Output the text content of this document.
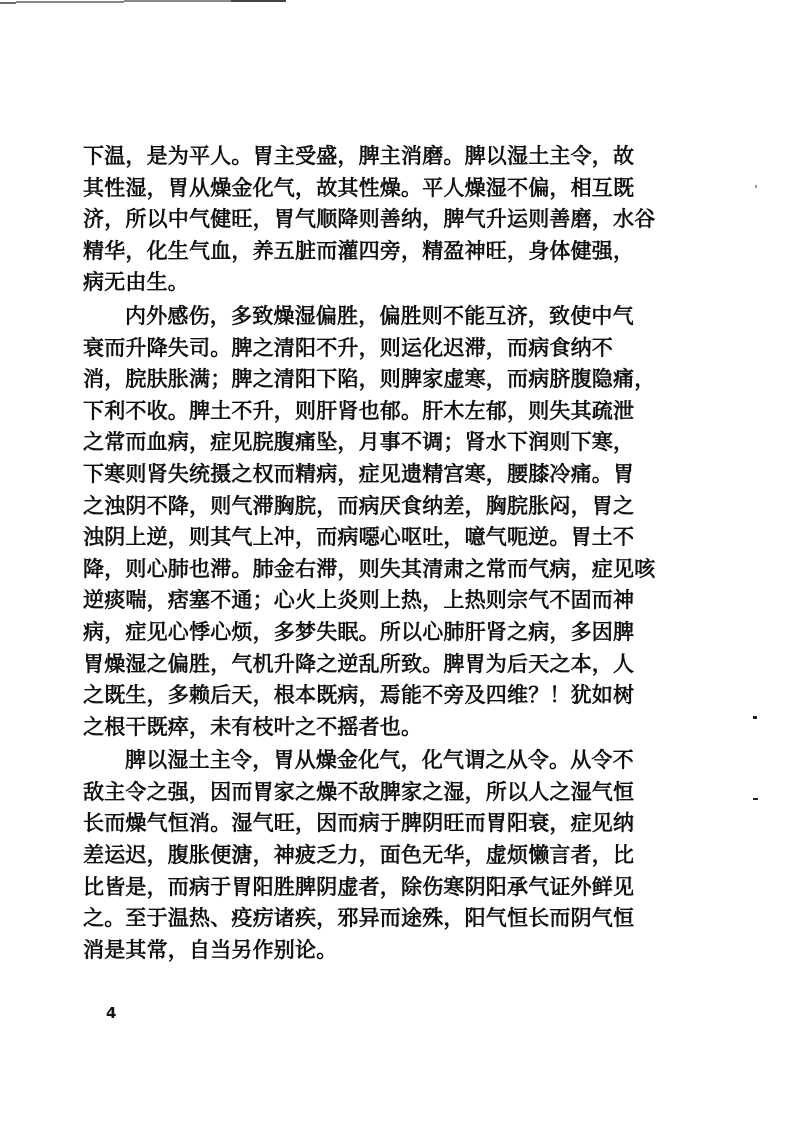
下温，是为平人。胃主受盛，脾主消磨。脾以湿土主令，故
其性湿，胃从燥金化气，故其性燥。平人燥湿不偏，相互既
济，所以中气健旺，胃气顺降则善纳，脾气升运则善磨，水谷
精华，化生气血，养五脏而灌四旁，精盈神旺，身体健强，
病无由生。
内外感伤，多致燥湿偏胜，偏胜则不能互济，致使中气
衰而升降失司。脾之清阳不升，则运化迟滞，而病食纳不
消，脘肤胀满；脾之清阳下陷，则脾家虚寒，而病脐腹隐痛，
下利不收。脾土不升，则肝肾也郁。肝木左郁，则失其疏泄
之常而血病，症见脘腹痛坠，月事不调；肾水下润则下寒，
下寒则肾失统摄之权而精病，症见遗精宫寒，腰膝冷痛。胃
之浊阴不降，则气滞胸脘，而病厌食纳差，胸脘胀闷，胃之
浊阴上逆，则其气上冲，而病噁心呕吐，噫气呃逆。胃土不
降，则心肺也滞。肺金右滞，则失其清肃之常而气病，症见咳
逆痰喘，痞塞不通；心火上炎则上热，上热则宗气不固而神
病，症见心悸心烦，多梦失眠。所以心肺肝肾之病，多因脾
胃燥湿之偏胜，气机升降之逆乱所致。脾胃为后天之本，人
之既生，多赖后天，根本既病，焉能不旁及四维？！犹如树
之根干既瘁，未有枝叶之不摇者也。
脾以湿土主令，胃从燥金化气，化气谓之从令。从令不
敌主令之强，因而胃家之燥不敌脾家之湿，所以人之湿气恒
长而燥气恒消。湿气旺，因而病于脾阴旺而胃阳衰，症见纳
差运迟，腹胀便溏，神疲乏力，面色无华，虚烦懒言者，比
比皆是，而病于胃阳胜脾阴虚者，除伤寒阴阳承气证外鲜见
之。至于温热、疫疠诸疾，邪异而途殊，阳气恒长而阴气恒
消是其常，自当另作别论。
4
